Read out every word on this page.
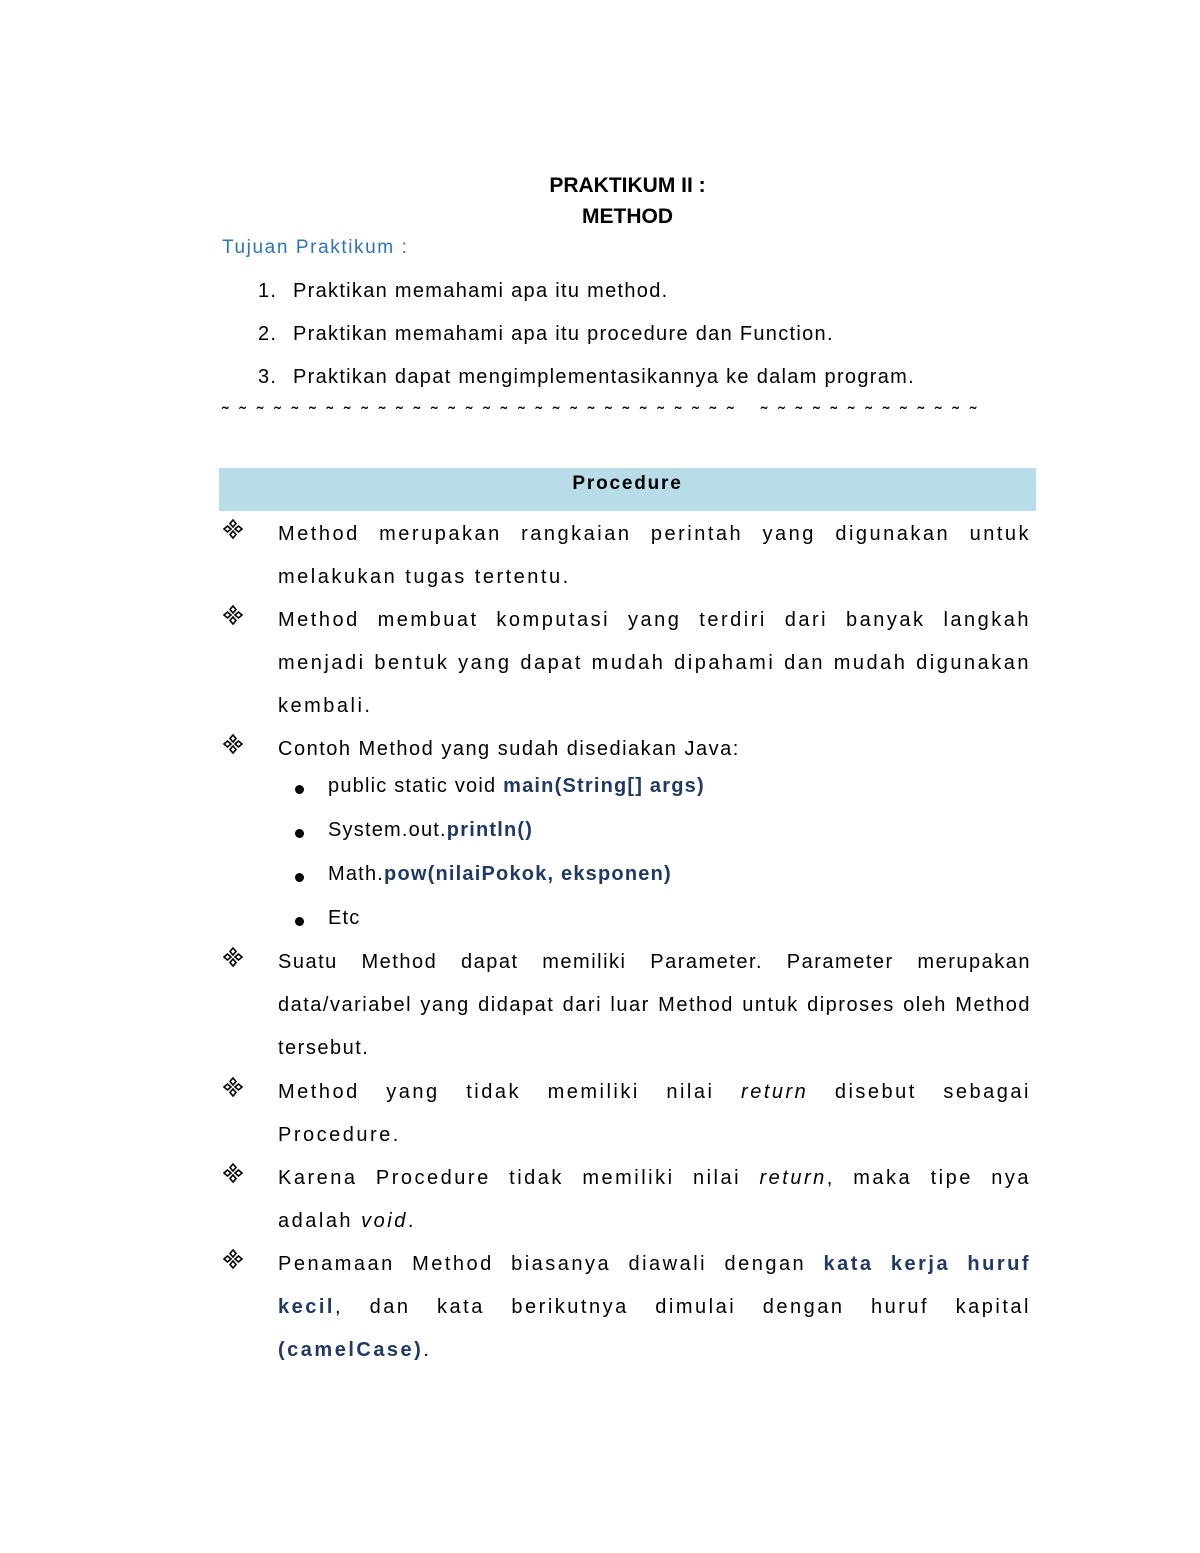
PRAKTIKUM II :
METHOD
Tujuan Praktikum :
1. Praktikan memahami apa itu method.
2. Praktikan memahami apa itu procedure dan Function.
3. Praktikan dapat mengimplementasikannya ke dalam program.
˜ ˜ ˜ ˜ ˜ ˜ ˜ ˜ ˜ ˜ ˜ ˜ ˜ ˜ ˜ ˜ ˜ ˜ ˜ ˜ ˜ ˜ ˜ ˜ ˜ ˜ ˜ ˜ ˜ ˜   ˜ ˜ ˜ ˜ ˜ ˜ ˜ ˜ ˜ ˜ ˜ ˜ ˜
Procedure
Method merupakan rangkaian perintah yang digunakan untuk melakukan tugas tertentu.
Method membuat komputasi yang terdiri dari banyak langkah menjadi bentuk yang dapat mudah dipahami dan mudah digunakan kembali.
Contoh Method yang sudah disediakan Java:
public static void main(String[] args)
System.out.println()
Math.pow(nilaiPokok, eksponen)
Etc
Suatu Method dapat memiliki Parameter. Parameter merupakan data/variabel yang didapat dari luar Method untuk diproses oleh Method tersebut.
Method yang tidak memiliki nilai return disebut sebagai Procedure.
Karena Procedure tidak memiliki nilai return, maka tipe nya adalah void.
Penamaan Method biasanya diawali dengan kata kerja huruf kecil, dan kata berikutnya dimulai dengan huruf kapital (camelCase).
